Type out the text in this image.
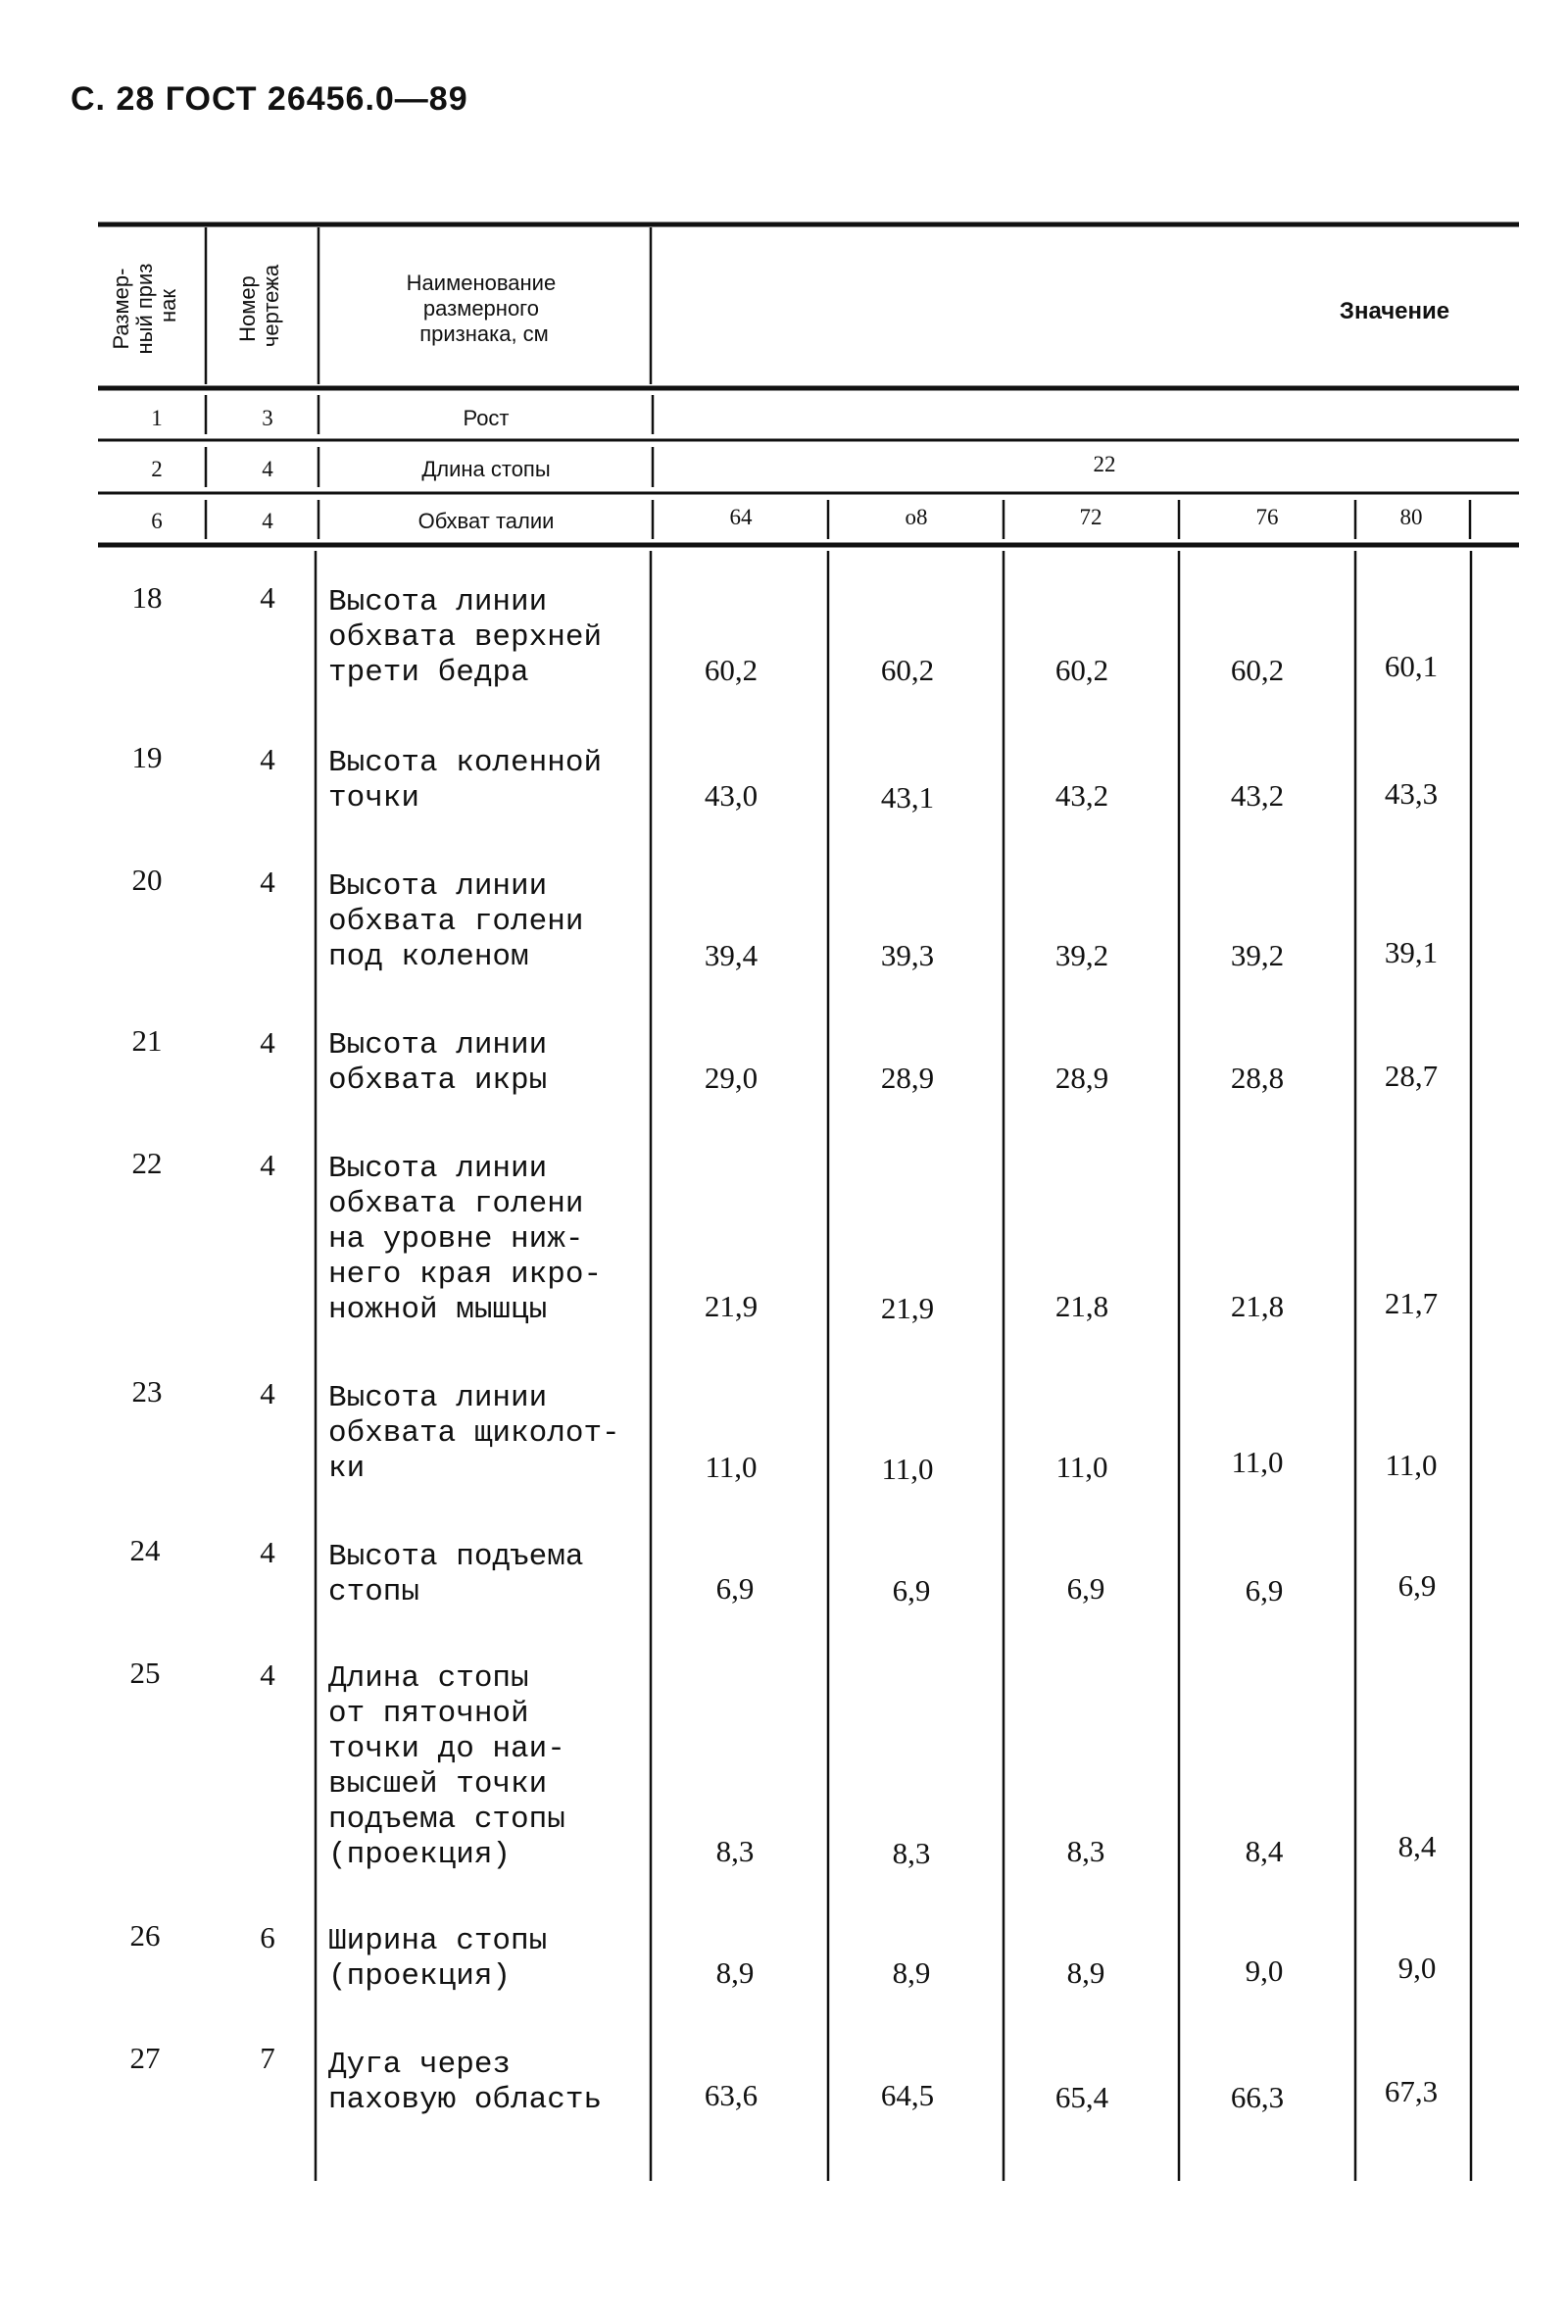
С. 28 ГОСТ 26456.0—89
Размер- ный приз нак	Номер чертежа	Наименование размерного признака, см
Значение
1	3	Рост
2	4	Длина стопы	22
6	4	Обхват талии	64	o8	72	76	80
18	4 Высота линии обхвата верхней трети бедра	60,2	60,2	60,2	60,2	60,1
19	4 Высота коленной точки	43,0	43,1	43,2	43,2	43,3
20	4 Высота линии обхвата голени под коленом	39,4	39,3	39,2	39,2	39,1
21	4 Высота линии обхвата икры	29,0	28,9	28,9	28,8	28,7
22	4 Высота линии обхвата голени на уровне ниж- него края икро- ножной мышцы	21,9	21,9	21,8	21,8	21,7
23	4 Высота линии обхвата щиколот- ки	11,0	11,0	11,0	11,0	11,0
24	4 Высота подъема стопы	6,9	6,9	6,9	6,9	6,9
25	4 Длина стопы от пяточной точки до наи- высшей точки подъема стопы (проекция)	8,3	8,3	8,3	8,4	8,4
26	6 Ширина стопы (проекция)	8,9	8,9	8,9	9,0	9,0
27	7 Дуга через паховую область	63,6	64,5	65,4	66,3	67,3
